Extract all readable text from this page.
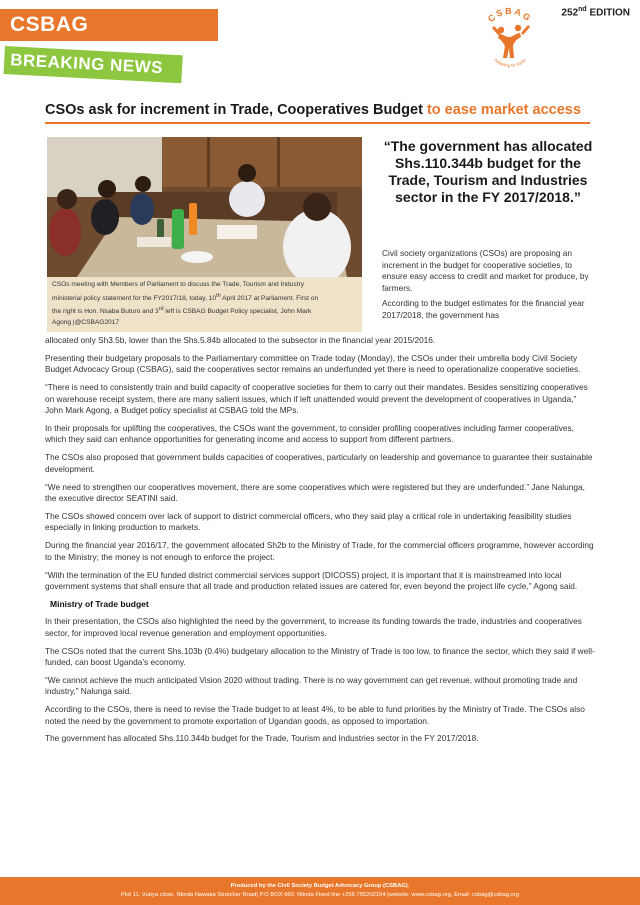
CSBAG
BREAKING NEWS
CSBAG
budgeting for equity
252nd EDITION
CSOs ask for increment in Trade, Cooperatives Budget to ease market access
CSOs meeting with Members of Parliament to discuss the Trade, Tourism and Industry
ministerial policy statement for the FY2017/18, today, 10th April 2017 at Parliament. First on
the right is Hon. Nsaba Buturo and 3rd left is CSBAG Budget Policy specialist, John Mark
Agong |@CSBAG2017
“The government has allocated Shs.110.344b budget for the Trade, Tourism and Industries sector in the FY 2017/2018.”

Civil society organizations (CSOs) are proposing an increment in the budget for cooperative societies, to ensure easy access to credit and market for produce, by farmers.

According to the budget estimates for the financial year 2017/2018, the government has

allocated only Sh3.5b, lower than the Shs.5.84b allocated to the subsector in the financial year 2015/2016.

Presenting their budgetary proposals to the Parliamentary committee on Trade today (Monday), the CSOs under their umbrella body Civil Society Budget Advocacy Group (CSBAG), said the cooperatives sector remains an underfunded yet there is need to operationalize cooperative societies.

“There is need to consistently train and build capacity of cooperative societies for them to carry out their mandates. Besides sensitizing cooperatives on warehouse receipt system, there are many salient issues, which if left unattended would prevent the development of cooperatives in Uganda,” John Mark Agong, a Budget policy specialist at CSBAG told the MPs.

In their proposals for uplifting the cooperatives, the CSOs want the government, to consider profiling cooperatives including farmer cooperatives, which they said can enhance opportunities for generating income and access to support from different partners.

The CSOs also proposed that government builds capacities of cooperatives, particularly on leadership and governance to guarantee their sustainable development.

“We need to strengthen our cooperatives movement, there are some cooperatives which were registered but they are underfunded.” Jane Nalunga, the executive director SEATINI said.

The CSOs showed concern over lack of support to district commercial officers, who they said play a critical role in undertaking feasibility studies especially in linking production to markets.

During the financial year 2016/17, the government allocated Sh2b to the Ministry of Trade, for the commercial officers programme, however according to the Ministry; the money is not enough to enforce the project.

“With the termination of the EU funded district commercial services support (DICOSS) project, it is important that it is mainstreamed into local government systems that shall ensure that all trade and production related issues are catered for, even beyond the project life cycle,” Agong said.

Ministry of Trade budget

In their presentation, the CSOs also highlighted the need by the government, to increase its funding towards the trade, industries and cooperatives sector, for improved local revenue generation and employment opportunities.

The CSOs noted that the current Shs.103b (0.4%) budgetary allocation to the Ministry of Trade is too low, to finance the sector, which they said if well-funded, can boost Uganda’s economy.

“We cannot achieve the much anticipated Vision 2020 without trading. There is no way government can get revenue, without promoting trade and industry,” Nalunga said.

According to the CSOs, there is need to revise the Trade budget to at least 4%, to be able to fund priorities by the Ministry of Trade. The CSOs also noted the need by the government to promote exportation of Ugandan goods, as opposed to importation.

The government has allocated Shs.110.344b budget for the Trade, Tourism and Industries sector in the FY 2017/2018.

Produced by the Civil Society Budget Advocacy Group (CSBAG).
Plot 11, Vubya close, Ntinda Nawaka Stretcher Road| P.O BOX 660, Ntinda Fixed line +256 755202154 |website: www.csbag.org, Email- csbag@csbag.org
